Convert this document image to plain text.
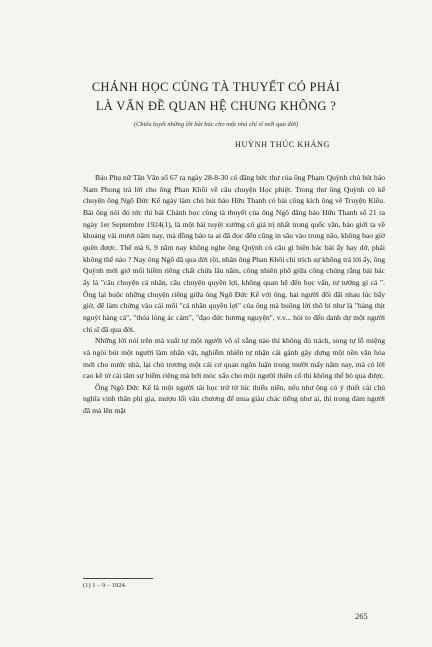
CHÁNH HỌC CÙNG TÀ THUYẾT CÓ PHẢI
LÀ VẤN ĐỀ QUAN HỆ CHUNG KHÔNG ?
(Chiêu tuyết những lời bài bác cho một nhà chí sĩ mới qua đời)
HUỲNH THÚC KHÁNG

Báo Phụ nữ Tân Văn số 67 ra ngày 28-8-30 có đăng bức thư của ông Phạm Quỳnh chủ bút báo Nam Phong trả lời cho ông Phan Khôi về câu chuyện Học phiệt. Trong thư ông Quỳnh có kể chuyện ông Ngô Đức Kế ngày làm chủ bút báo Hữu Thanh có bài công kích ông về Truyện Kiều. Bài ông nói đó tức thì bài Chánh học cùng tà thuyết của ông Ngô đăng báo Hữu Thanh số 21 ra ngày 1er Septembre 1924(1), là một bài tuyệt xướng có giá trị nhất trong quốc văn, báo giới ta về khoảng vài mươi năm nay, mà đồng bào ta ai đã đọc đến cũng in sâu vào trong não, không bao giờ quên được. Thế mà 6, 9 năm nay không nghe ông Quỳnh có câu gì biện bác bài ấy hay dở, phải không thể nào ? Nay ông Ngô đã qua đời rồi, nhân ông Phan Khôi chỉ trích sự không trả lời ấy, ông Quỳnh mới giở mối hiềm riêng chất chứa lâu năm, công nhiên phô giữa công chúng rằng bài bác ấy là "câu chuyện cá nhân, câu chuyện quyền lợi, không quan hệ đến học vấn, tư tưởng gì cả ". Ông lại buộc những chuyện riêng giữa ông Ngô Đức Kế với ông, hai người đối đãi nhau lúc bấy giờ, để làm chứng vào cái mối "cá nhân quyền lợi" của ông mà buông lời thô bỉ như là "hàng thịt nguýt hàng cá", "thóa lóng ác cảm", "đạo đức hương nguyện", v.v... hòi to đến danh dự một người chí sĩ đã qua đời.

Những lời nói trên mà xuất tự một người vô sĩ xằng nào thì không đủ trách, song tự lỗ miệng và ngòi bút một người làm nhân vật, nghiễm nhiên tự nhận cái gánh gây dựng một nền văn hóa mới cho nước nhà, lại chủ trương một cái cơ quan ngôn luận trong mười mấy năm nay, mà có lời cao kề tờ cái tâm sự biếm riêng mà bới móc xấu cho một người thiên cổ thì không thể bỏ qua được.

Ông Ngô Đức Kế là một người tài học trứ từ lúc thiếu niên, nếu như ông có ý thiết cái chủ nghĩa vinh thân phì gia, mượu lối văn chương để mua giàu chác tiếng như ai, thì trong đám người đã mà lên mặt

(1) 1 – 9 – 1924.
265
